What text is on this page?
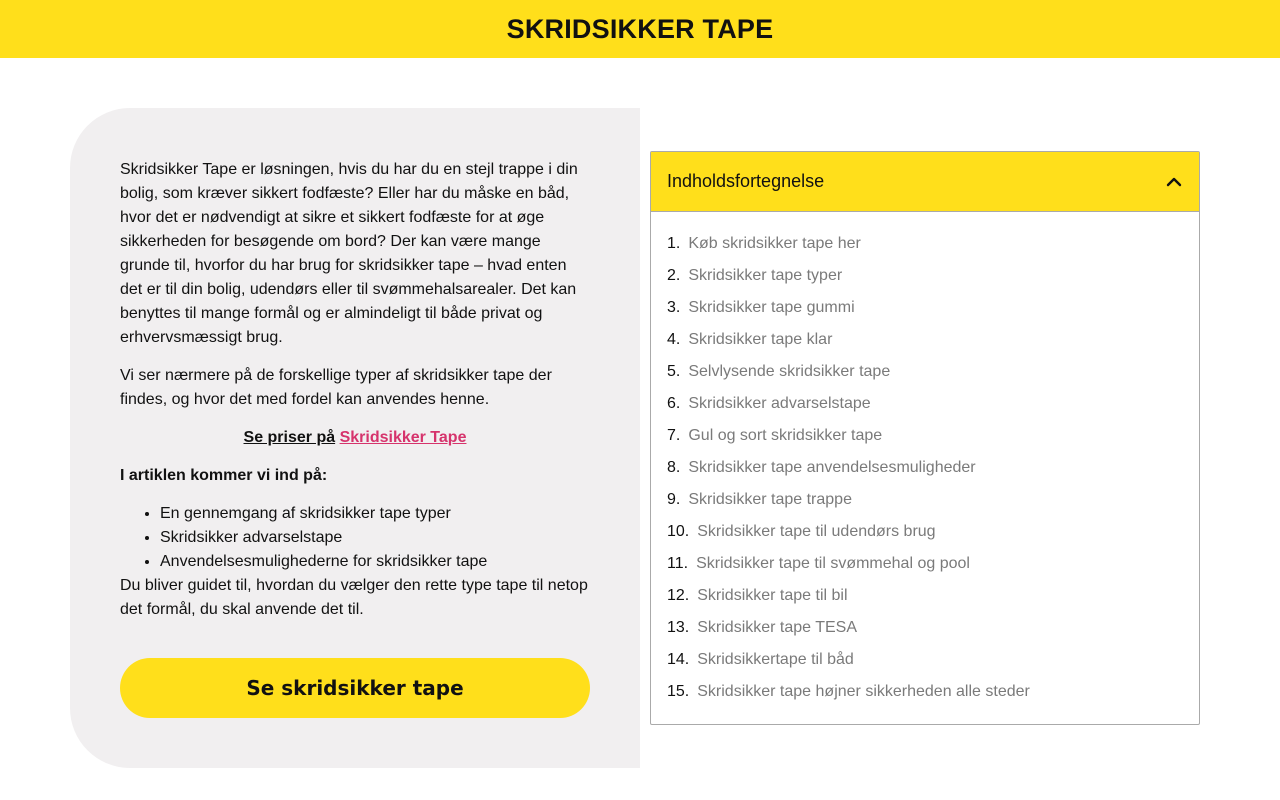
SKRIDSIKKER TAPE

Skridsikker Tape er løsningen, hvis du har du en stejl trappe i din bolig, som kræver sikkert fodfæste? Eller har du måske en båd, hvor det er nødvendigt at sikre et sikkert fodfæste for at øge sikkerheden for besøgende om bord? Der kan være mange grunde til, hvorfor du har brug for skridsikker tape – hvad enten det er til din bolig, udendørs eller til svømmehalsarealer. Det kan benyttes til mange formål og er almindeligt til både privat og erhvervsmæssigt brug.

Vi ser nærmere på de forskellige typer af skridsikker tape der findes, og hvor det med fordel kan anvendes henne.

Se priser på Skridsikker Tape

I artiklen kommer vi ind på:

• En gennemgang af skridsikker tape typer
• Skridsikker advarselstape
• Anvendelsesmulighederne for skridsikker tape

Du bliver guidet til, hvordan du vælger den rette type tape til netop det formål, du skal anvende det til.

Se skridsikker tape
Indholdsfortegnelse
1. Køb skridsikker tape her
2. Skridsikker tape typer
3. Skridsikker tape gummi
4. Skridsikker tape klar
5. Selvlysende skridsikker tape
6. Skridsikker advarselstape
7. Gul og sort skridsikker tape
8. Skridsikker tape anvendelsesmuligheder
9. Skridsikker tape trappe
10. Skridsikker tape til udendørs brug
11. Skridsikker tape til svømmehal og pool
12. Skridsikker tape til bil
13. Skridsikker tape TESA
14. Skridsikkertape til båd
15. Skridsikker tape højner sikkerheden alle steder
